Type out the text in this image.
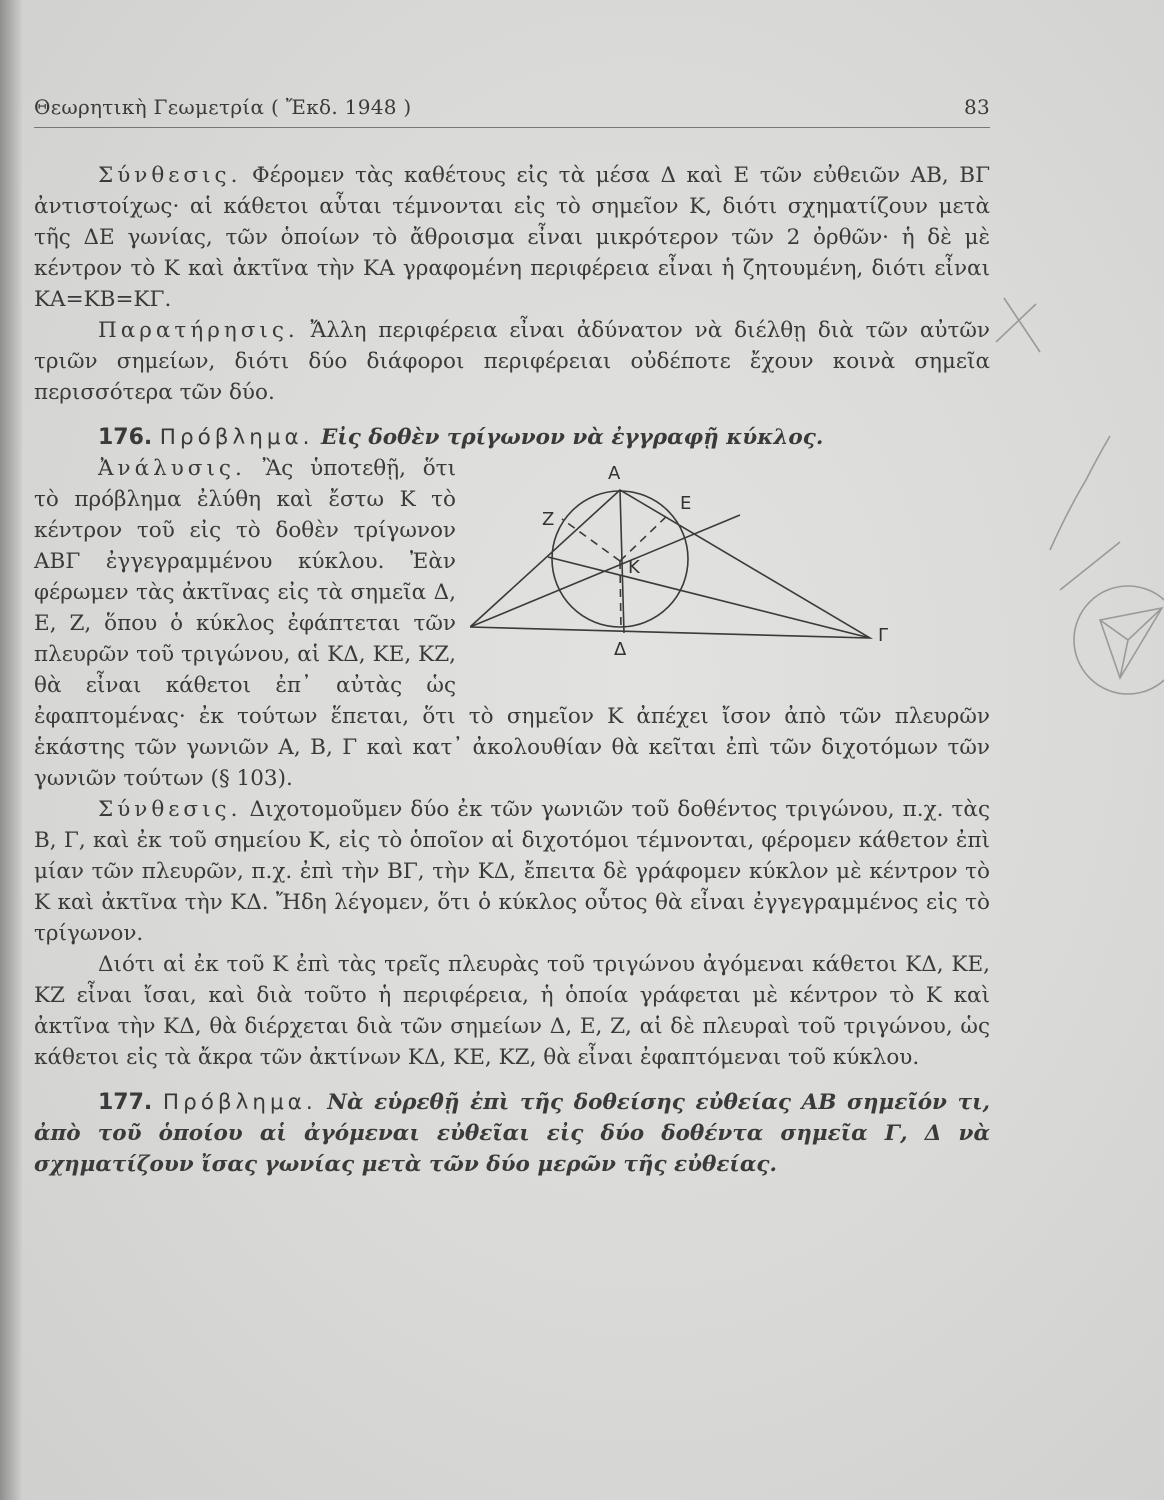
Θεωρητικὴ Γεωμετρία ( Ἔκδ. 1948 )	83

Σύνθεσις. Φέρομεν τὰς καθέτους εἰς τὰ μέσα Δ καὶ Ε τῶν εὐθειῶν ΑΒ, ΒΓ ἀντιστοίχως· αἱ κάθετοι αὗται τέμνονται εἰς τὸ σημεῖον Κ, διότι σχηματίζουν μετὰ τῆς ΔΕ γωνίας, τῶν ὁποίων τὸ ἄθροισμα εἶναι μικρότερον τῶν 2 ὀρθῶν· ἡ δὲ μὲ κέντρον τὸ Κ καὶ ἀκτῖνα τὴν ΚΑ γραφομένη περιφέρεια εἶναι ἡ ζητουμένη, διότι εἶναι ΚΑ=ΚΒ=ΚΓ.

Παρατήρησις. Ἄλλη περιφέρεια εἶναι ἀδύνατον νὰ διέλθῃ διὰ τῶν αὐτῶν τριῶν σημείων, διότι δύο διάφοροι περιφέρειαι οὐδέποτε ἔχουν κοινὰ σημεῖα περισσότερα τῶν δύο.

176. Πρόβλημα. Εἰς δοθὲν τρίγωνον νὰ ἐγγραφῇ κύκλος.

Α
Γ
Δ
Ε
Ζ
Κ
Ἀνάλυσις. Ἂς ὑποτεθῇ, ὅτι τὸ πρόβλημα ἐλύθη καὶ ἔστω Κ τὸ κέντρον τοῦ εἰς τὸ δοθὲν τρίγωνον ΑΒΓ ἐγγεγραμμένου κύκλου. Ἐὰν φέρωμεν τὰς ἀκτῖνας εἰς τὰ σημεῖα Δ, Ε, Ζ, ὅπου ὁ κύκλος ἐφάπτεται τῶν πλευρῶν τοῦ τριγώνου, αἱ ΚΔ, ΚΕ, ΚΖ, θὰ εἶναι κάθετοι ἐπ᾽ αὐτὰς ὡς ἐφαπτομένας· ἐκ τούτων ἕπεται, ὅτι τὸ σημεῖον Κ ἀπέχει ἴσον ἀπὸ τῶν πλευρῶν ἑκάστης τῶν γωνιῶν Α, Β, Γ καὶ κατ᾽ ἀκολουθίαν θὰ κεῖται ἐπὶ τῶν διχοτόμων τῶν γωνιῶν τούτων (§ 103).

Σύνθεσις. Διχοτομοῦμεν δύο ἐκ τῶν γωνιῶν τοῦ δοθέντος τριγώνου, π.χ. τὰς Β, Γ, καὶ ἐκ τοῦ σημείου Κ, εἰς τὸ ὁποῖον αἱ διχοτόμοι τέμνονται, φέρομεν κάθετον ἐπὶ μίαν τῶν πλευρῶν, π.χ. ἐπὶ τὴν ΒΓ, τὴν ΚΔ, ἔπειτα δὲ γράφομεν κύκλον μὲ κέντρον τὸ Κ καὶ ἀκτῖνα τὴν ΚΔ. Ἤδη λέγομεν, ὅτι ὁ κύκλος οὗτος θὰ εἶναι ἐγγεγραμμένος εἰς τὸ τρίγωνον.

Διότι αἱ ἐκ τοῦ Κ ἐπὶ τὰς τρεῖς πλευρὰς τοῦ τριγώνου ἀγόμεναι κάθετοι ΚΔ, ΚΕ, ΚΖ εἶναι ἴσαι, καὶ διὰ τοῦτο ἡ περιφέρεια, ἡ ὁποία γράφεται μὲ κέντρον τὸ Κ καὶ ἀκτῖνα τὴν ΚΔ, θὰ διέρχεται διὰ τῶν σημείων Δ, Ε, Ζ, αἱ δὲ πλευραὶ τοῦ τριγώνου, ὡς κάθετοι εἰς τὰ ἄκρα τῶν ἀκτίνων ΚΔ, ΚΕ, ΚΖ, θὰ εἶναι ἐφαπτόμεναι τοῦ κύκλου.

177. Πρόβλημα. Νὰ εὑρεθῇ ἐπὶ τῆς δοθείσης εὐθείας ΑΒ σημεῖόν τι, ἀπὸ τοῦ ὁποίου αἱ ἀγόμεναι εὐθεῖαι εἰς δύο δοθέντα σημεῖα Γ, Δ νὰ σχηματίζουν ἴσας γωνίας μετὰ τῶν δύο μερῶν τῆς εὐθείας.
